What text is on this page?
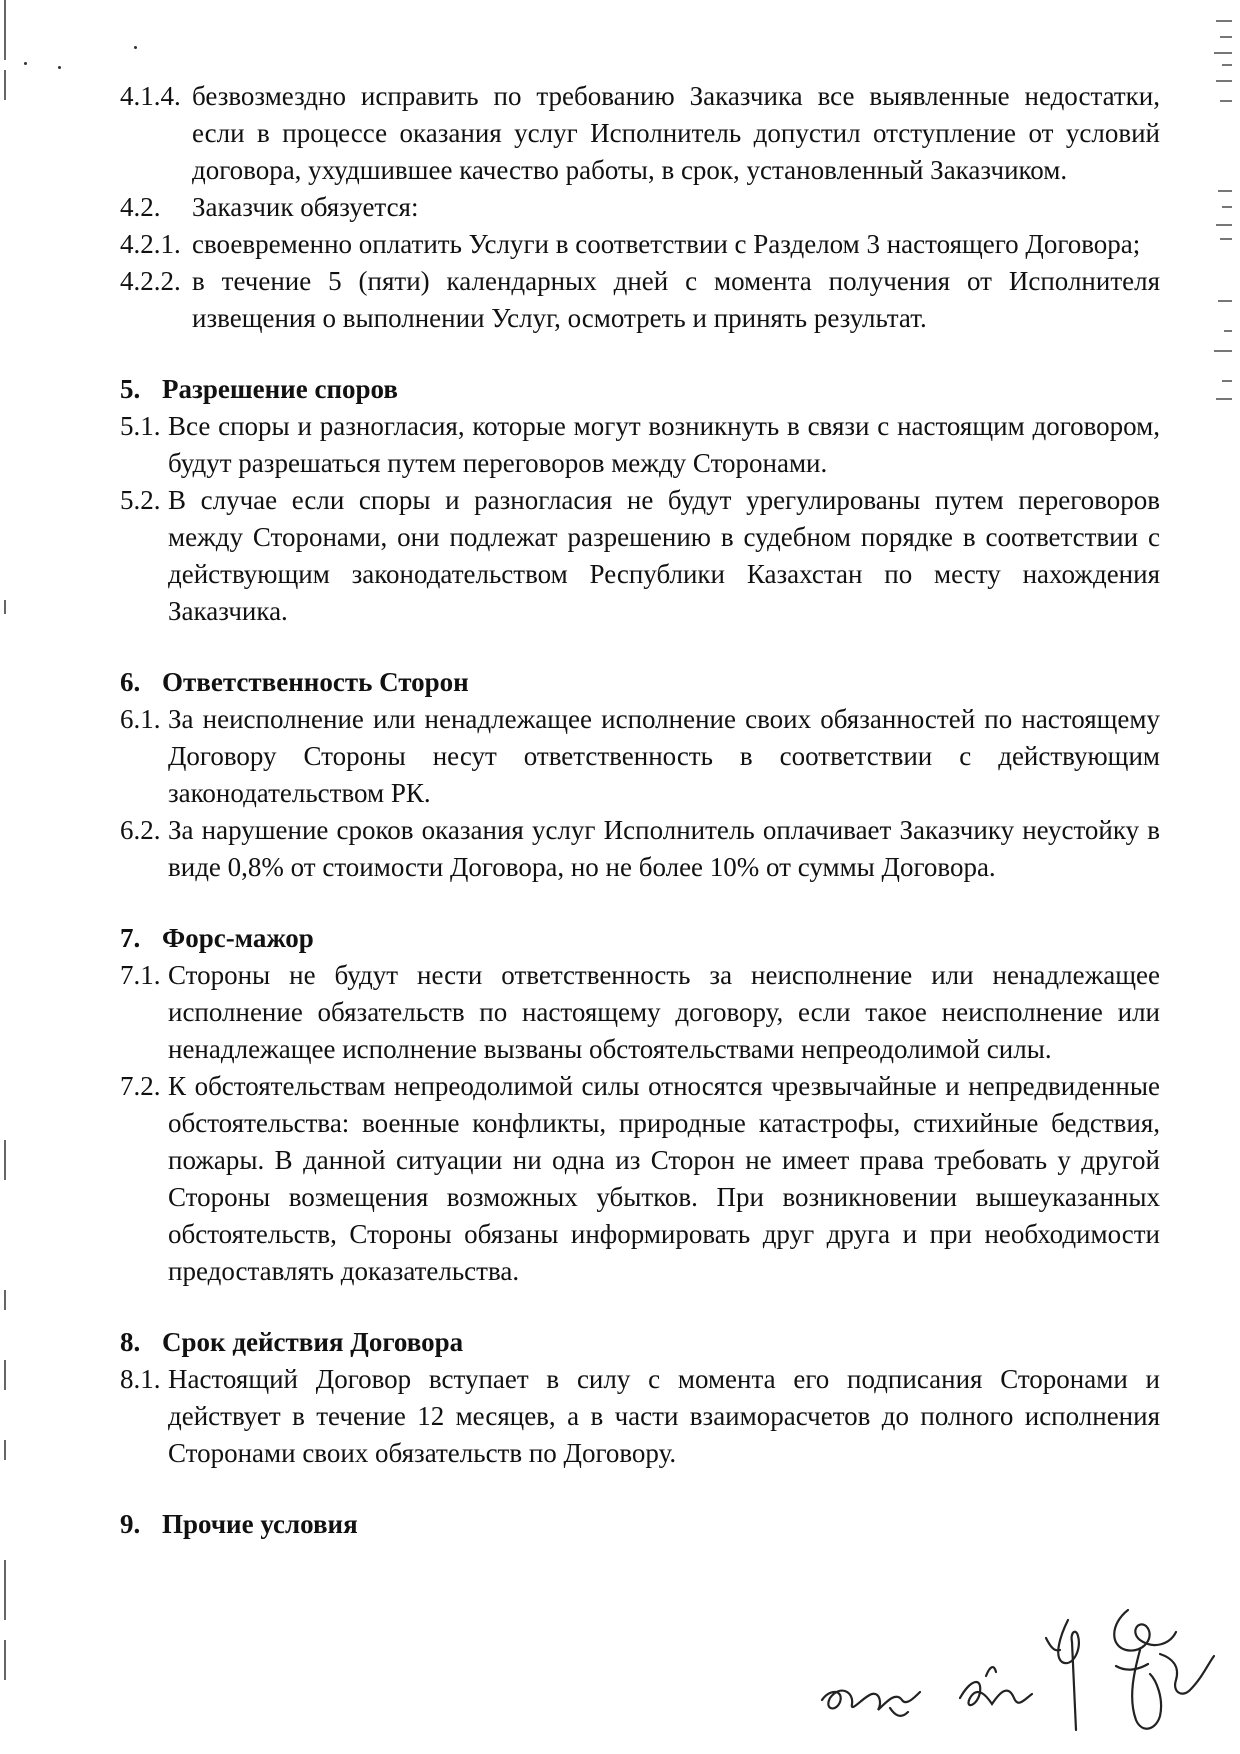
4.1.4. безвозмездно исправить по требованию Заказчика все выявленные недостатки, если в процессе оказания услуг Исполнитель допустил отступление от условий договора, ухудшившее качество работы, в срок, установленный Заказчиком.
4.2.	Заказчик обязуется:
4.2.1. своевременно оплатить Услуги в соответствии с Разделом 3 настоящего Договора;
4.2.2. в течение 5 (пяти) календарных дней с момента получения от Исполнителя извещения о выполнении Услуг, осмотреть и принять результат.
5. Разрешение споров
5.1. Все споры и разногласия, которые могут возникнуть в связи с настоящим договором, будут разрешаться путем переговоров между Сторонами.
5.2. В случае если споры и разногласия не будут урегулированы путем переговоров между Сторонами, они подлежат разрешению в судебном порядке в соответствии с действующим законодательством Республики Казахстан по месту нахождения Заказчика.
6. Ответственность Сторон
6.1. За неисполнение или ненадлежащее исполнение своих обязанностей по настоящему Договору Стороны несут ответственность в соответствии с действующим законодательством РК.
6.2. За нарушение сроков оказания услуг Исполнитель оплачивает Заказчику неустойку в виде 0,8% от стоимости Договора, но не более 10% от суммы Договора.
7. Форс-мажор
7.1. Стороны не будут нести ответственность за неисполнение или ненадлежащее исполнение обязательств по настоящему договору, если такое неисполнение или ненадлежащее исполнение вызваны обстоятельствами непреодолимой силы.
7.2. К обстоятельствам непреодолимой силы относятся чрезвычайные и непредвиденные обстоятельства: военные конфликты, природные катастрофы, стихийные бедствия, пожары. В данной ситуации ни одна из Сторон не имеет права требовать у другой Стороны возмещения возможных убытков. При возникновении вышеуказанных обстоятельств, Стороны обязаны информировать друг друга и при необходимости предоставлять доказательства.
8. Срок действия Договора
8.1. Настоящий Договор вступает в силу с момента его подписания Сторонами и действует в течение 12 месяцев, а в части взаиморасчетов до полного исполнения Сторонами своих обязательств по Договору.
9. Прочие условия
